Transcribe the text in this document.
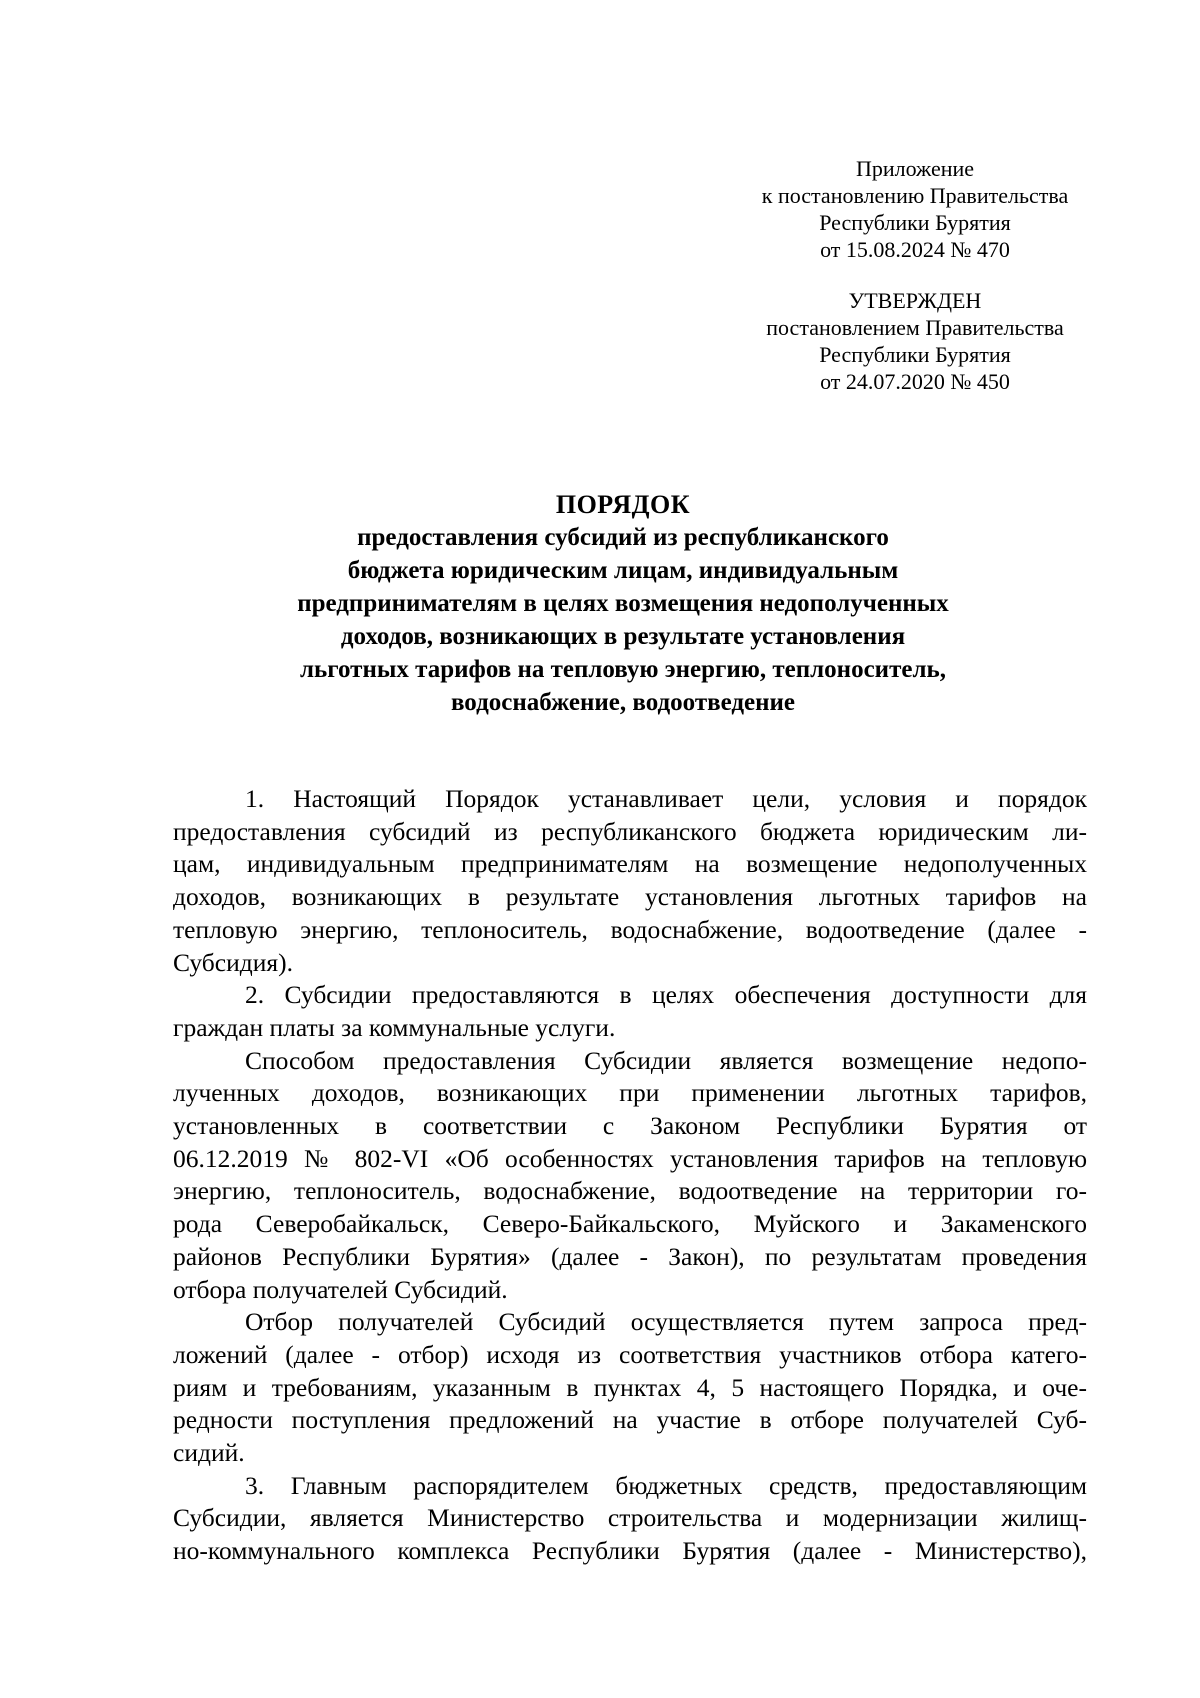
Приложение
к постановлению Правительства
Республики Бурятия
от 15.08.2024 № 470
УТВЕРЖДЕН
постановлением Правительства
Республики Бурятия
от 24.07.2020 № 450
ПОРЯДОК
предоставления субсидий из республиканского
бюджета юридическим лицам, индивидуальным
предпринимателям в целях возмещения недополученных
доходов, возникающих в результате установления
льготных тарифов на тепловую энергию, теплоноситель,
водоснабжение, водоотведение
1. Настоящий Порядок устанавливает цели, условия и порядок
предоставления субсидий из республиканского бюджета юридическим ли-
цам, индивидуальным предпринимателям на возмещение недополученных
доходов, возникающих в результате установления льготных тарифов на
тепловую энергию, теплоноситель, водоснабжение, водоотведение (далее -
Субсидия).
2. Субсидии предоставляются в целях обеспечения доступности для
граждан платы за коммунальные услуги.
Способом предоставления Субсидии является возмещение недопо-
лученных доходов, возникающих при применении льготных тарифов,
установленных в соответствии с Законом Республики Бурятия от
06.12.2019 № 802-VI «Об особенностях установления тарифов на тепловую
энергию, теплоноситель, водоснабжение, водоотведение на территории го-
рода Северобайкальск, Северо-Байкальского, Муйского и Закаменского
районов Республики Бурятия» (далее - Закон), по результатам проведения
отбора получателей Субсидий.
Отбор получателей Субсидий осуществляется путем запроса пред-
ложений (далее - отбор) исходя из соответствия участников отбора катего-
риям и требованиям, указанным в пунктах 4, 5 настоящего Порядка, и оче-
редности поступления предложений на участие в отборе получателей Суб-
сидий.
3. Главным распорядителем бюджетных средств, предоставляющим
Субсидии, является Министерство строительства и модернизации жилищ-
но-коммунального комплекса Республики Бурятия (далее - Министерство),
